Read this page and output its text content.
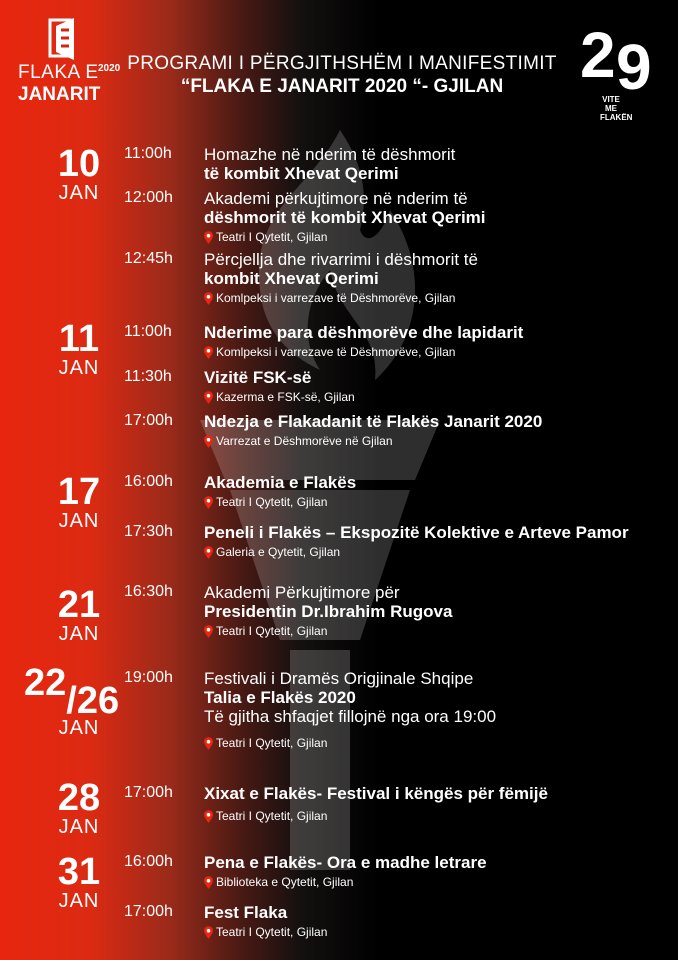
FLAKA E
JANARIT
2020 PROGRAMI I PËRGJITHSHËM I MANIFESTIMIT
“FLAKA E JANARIT 2020 “- GJILAN	2 9
VITE ME FLAKËN
10
JAN
11
JAN
17
JAN
21
JAN
22/26
JAN
28
JAN
31
JAN
11:00h Homazhe në nderim të dëshmorit
të kombit Xhevat Qerimi
12:00h Akademi përkujtimore në nderim të
dëshmorit të kombit Xhevat Qerimi
Teatri I Qytetit, Gjilan
12:45h Përcjellja dhe rivarrimi i dëshmorit të
kombit Xhevat Qerimi
Komlpeksi i varrezave të Dëshmorëve, Gjilan
11:00h Nderime para dëshmorëve dhe lapidarit
Komlpeksi i varrezave të Dëshmorëve, Gjilan
11:30h Vizitë FSK-së
Kazerma e FSK-së, Gjilan
17:00h Ndezja e Flakadanit të Flakës Janarit 2020
Varrezat e Dëshmorëve në Gjilan
16:00h Akademia e Flakës
Teatri I Qytetit, Gjilan
17:30h Peneli i Flakës – Ekspozitë Kolektive e Arteve Pamor
Galeria e Qytetit, Gjilan
16:30h Akademi Përkujtimore për
Presidentin Dr.Ibrahim Rugova
Teatri I Qytetit, Gjilan
19:00h Festivali i Dramës Origjinale Shqipe
Talia e Flakës 2020
Të gjitha shfaqjet fillojnë nga ora 19:00
Teatri I Qytetit, Gjilan
17:00h Xixat e Flakës- Festival i këngës për fëmijë
Teatri I Qytetit, Gjilan
16:00h Pena e Flakës- Ora e madhe letrare
Biblioteka e Qytetit, Gjilan
17:00h Fest Flaka
Teatri I Qytetit, Gjilan
